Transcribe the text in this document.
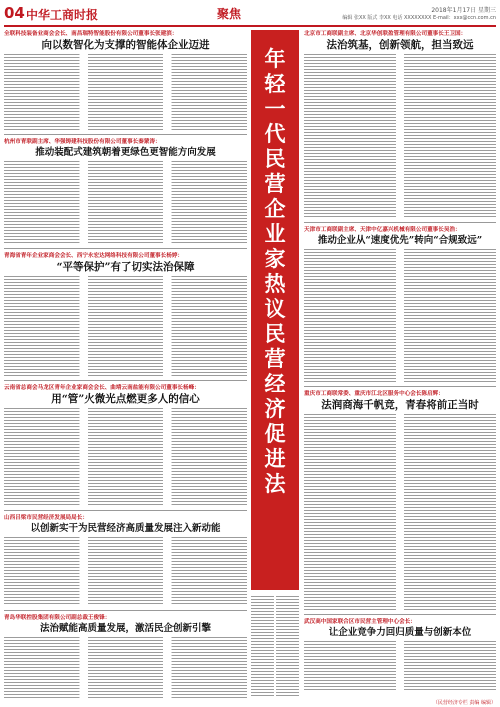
04 中华工商时报	聚焦	2018年1月17日 星期三
编辑 张XX 版式 李XX 电话 XXXXXXXX E-mail：xxx@ccn.com.cn
全联科技装备业商会会长、南昌瑞特智能股份有限公司董事长张建滨：
向以数智化为支撑的智能体企业迈进
杭州市青联副主席、华强铸建科技股份有限公司董事长秦蒙涛：
推动装配式建筑朝着更绿色更智能方向发展
青海省青年企业家商会会长、西宁永宏达网络科技有限公司董事长杨婷：
“平等保护”有了切实法治保障
云南省总商会马龙区青年企业家商会会长、曲靖云南盐能有限公司董事长杨峰：
用“管”火微光点燃更多人的信心
山西吕梁市民营经济发展局局长：
以创新实干为民营经济高质量发展注入新动能
青岛华联控股集团有限公司副总裁王俊锋：
法治赋能高质量发展，激活民企创新引擎
年轻一代民营企业家热议民营经济促进法
北京市工商联副主席、北京华创联盈管理有限公司董事长王卫国：
法治筑基，创新领航，担当致远
天津市工商联副主席、天津中亿嘉兴机械有限公司董事长吴浩：
推动企业从“速度优先”转向“合规致远”
重庆市工商联常委、重庆市江北区服务中心会长陈启辉：
法润商海千帆竞，青春将前正当时
武汉高中国家联合区市民营主管理中心会长：
让企业竞争力回归质量与创新本位
（民营经济专栏 责编 编辑）
